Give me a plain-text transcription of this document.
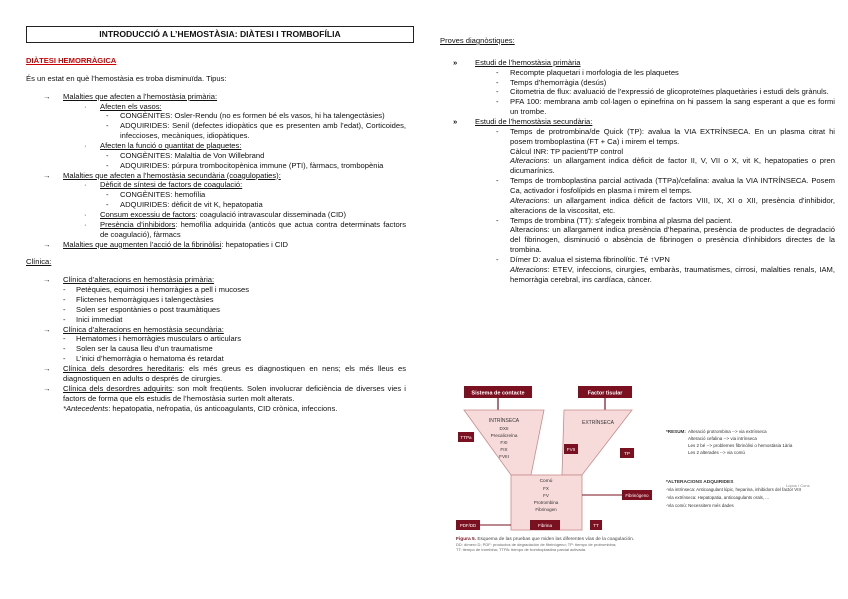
INTRODUCCIÓ A L’HEMOSTÀSIA: DIÀTESI I TROMBOFÍLIA

DIÀTESI HEMORRÀGICA

És un estat en què l’hemostàsia es troba disminuïda. Tipus:

→ Malalties que afecten a l’hemostàsia primària:
· Afecten els vasos:
- CONGÈNITES: Osler-Rendu (no es formen bé els vasos, hi ha talengectàsies)
- ADQUIRIDES: Senil (defectes idiopàtics que es presenten amb l’edat), Corticoides, infeccioses, mecàniques, idiopàtiques.
· Afecten la funció o quantitat de plaquetes:
- CONGÈNITES: Malaltia de Von Willebrand
- ADQUIRIDES: púrpura trombocitopènica immune (PTI), fàrmacs, trombopènia
→ Malalties que afecten a l’hemostàsia secundària (coagulopaties):
· Dèficit de síntesi de factors de coagulació:
- CONGÈNITES: hemofília
- ADQUIRIDES: dèficit de vit K, hepatopatia
· Consum excessiu de factors: coagulació intravascular disseminada (CID)
· Presència d’inhibidors: hemofília adquirida (anticòs que actua contra determinats factors de coagulació), fàrmacs
→ Malalties que augmenten l’acció de la fibrinòlisi: hepatopaties i CID

Clínica:

→ Clínica d’alteracions en hemostàsia primària:
- Petèquies, equimosi i hemorràgies a pell i mucoses
- Flictenes hemorràgiques i talengectàsies
- Solen ser espontànies o post traumàtiques
- Inici immediat
→ Clínica d’alteracions en hemostàsia secundària:
- Hematomes i hemorràgies musculars o articulars
- Solen ser la causa lleu d’un traumatisme
- L’inici d’hemorràgia o hematoma és retardat
→ Clínica dels desordres hereditaris: els més greus es diagnostiquen en nens; els més lleus es diagnostiquen en adults o després de cirurgies.
→ Clínica dels desordres adquirits: son molt freqüents. Solen involucrar deficiència de diverses vies i factors de forma que els estudis de l’hemostàsia surten molt alterats.
*Antecedents: hepatopatia, nefropatia, ús anticoagulants, CID crònica, infeccions.

Proves diagnòstiques:

» Estudi de l’hemostàsia primària
- Recompte plaquetari i morfologia de les plaquetes
- Temps d’hemorràgia (desús)
- Citometria de flux: avaluació de l’expressió de glicoproteïnes plaquetàries i estudi dels grànuls.
- PFA 100: membrana amb col·lagen o epinefrina on hi passem la sang esperant a que es formi un trombe.
» Estudi de l’hemostàsia secundària:
- Temps de protrombina/de Quick (TP): avalua la VIA EXTRÍNSECA. En un plasma citrat hi posem tromboplastina (FT + Ca) i mirem el temps.
Càlcul INR: TP pacient/TP control
Alteracions: un allargament indica dèficit de factor II, V, VII o X, vit K, hepatopaties o pren dicumarínics.
- Temps de tromboplastina parcial activada (TTPa)/cefalina: avalua la VIA INTRÍNSECA. Posem Ca, activador i fosfolípids en plasma i mirem el temps.
Alteracions: un allargament indica dèficit de factors VIII, IX, XI o XII, presència d’inhibidor, alteracions de la viscositat, etc.
- Temps de trombina (TT): s’afegeix trombina al plasma del pacient.
Alteracions: un allargament indica presència d’heparina, presència de productes de degradació del fibrinogen, disminució o absència de fibrinogen o presència d’inhibidors directes de la trombina.
- Dímer D: avalua el sistema fibrinolític. Té ↑VPN
Alteracions: ETEV, infeccions, cirurgies, embaràs, traumatismes, cirrosi, malalties renals, IAM, hemorràgia cerebral, ins cardíaca, càncer.
Sistema de contacte	Factor tisular
INTRÍNSECA
DXII
Precalicreína
FXI
FIX
FVIII
EXTRÍNSECA
FVII
TTPa
TP
Comú
FX
FV
Protrombina
Fibrinogen
Fibrinógeno
Fibrina
PDF/DD	TT
Figura 5. Esquema de las pruebas que miden las diferentes vías de la coagulación.
DD: dímero D; PDF: productos de degradación de fibrinógeno; TP: tiempo de protrombina;
TT: tiempo de trombina; TTPA: tiempo de tromboplastina parcial activada.
*RESUM: Alteració protrombina --> via extrínseca
Alteració cefalina --> via intrínseca
Les 2 bé --> problemes fibrinòlisi o hemostàsia 1ària
Les 2 alterades --> via comú
*ALTERACIONS ADQUIRIDES
-Via intrínseca: Anticoagulant lúpic, heparina, inhibidors del factor VIII
-Via extrínseca: Hepatopatia, anticoagulants orals, ...
-Via comú: Necessitem més dades
Lúpus / Cons
